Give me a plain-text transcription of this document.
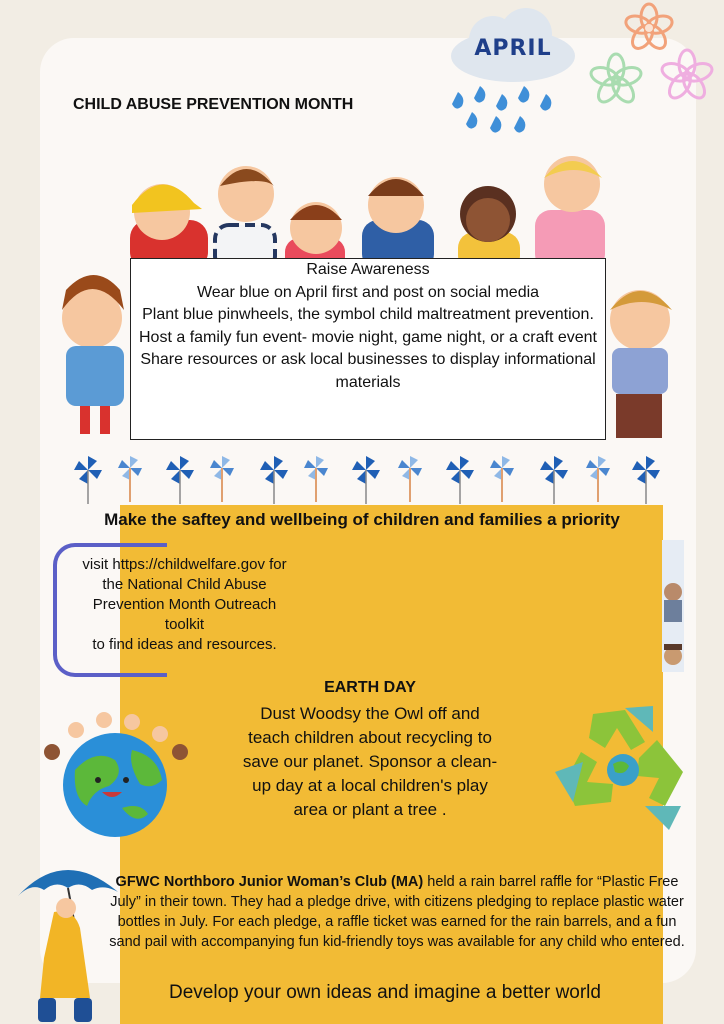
APRIL
CHILD ABUSE PREVENTION MONTH
Raise Awareness
Wear blue on April first and post on social media
Plant blue pinwheels, the symbol child maltreatment prevention.
Host a family fun event- movie night, game night, or a craft event
Share resources or ask local businesses to display informational materials
Make the saftey and wellbeing of children and families a priority
visit https://childwelfare.gov for
the National Child Abuse
Prevention Month Outreach
toolkit
to find ideas and resources.
EARTH DAY
Dust Woodsy the Owl off and teach children about recycling to save our planet. Sponsor a clean-up day at a local children's play area or plant a tree .
GFWC Northboro Junior Woman’s Club (MA) held a rain barrel raffle for “Plastic Free July” in their town. They had a pledge drive, with citizens pledging to replace plastic water bottles in July. For each pledge, a raffle ticket was earned for the rain barrels, and a fun sand pail with accompanying fun kid-friendly toys was available for any child who entered.
Develop your own ideas and imagine a better world
